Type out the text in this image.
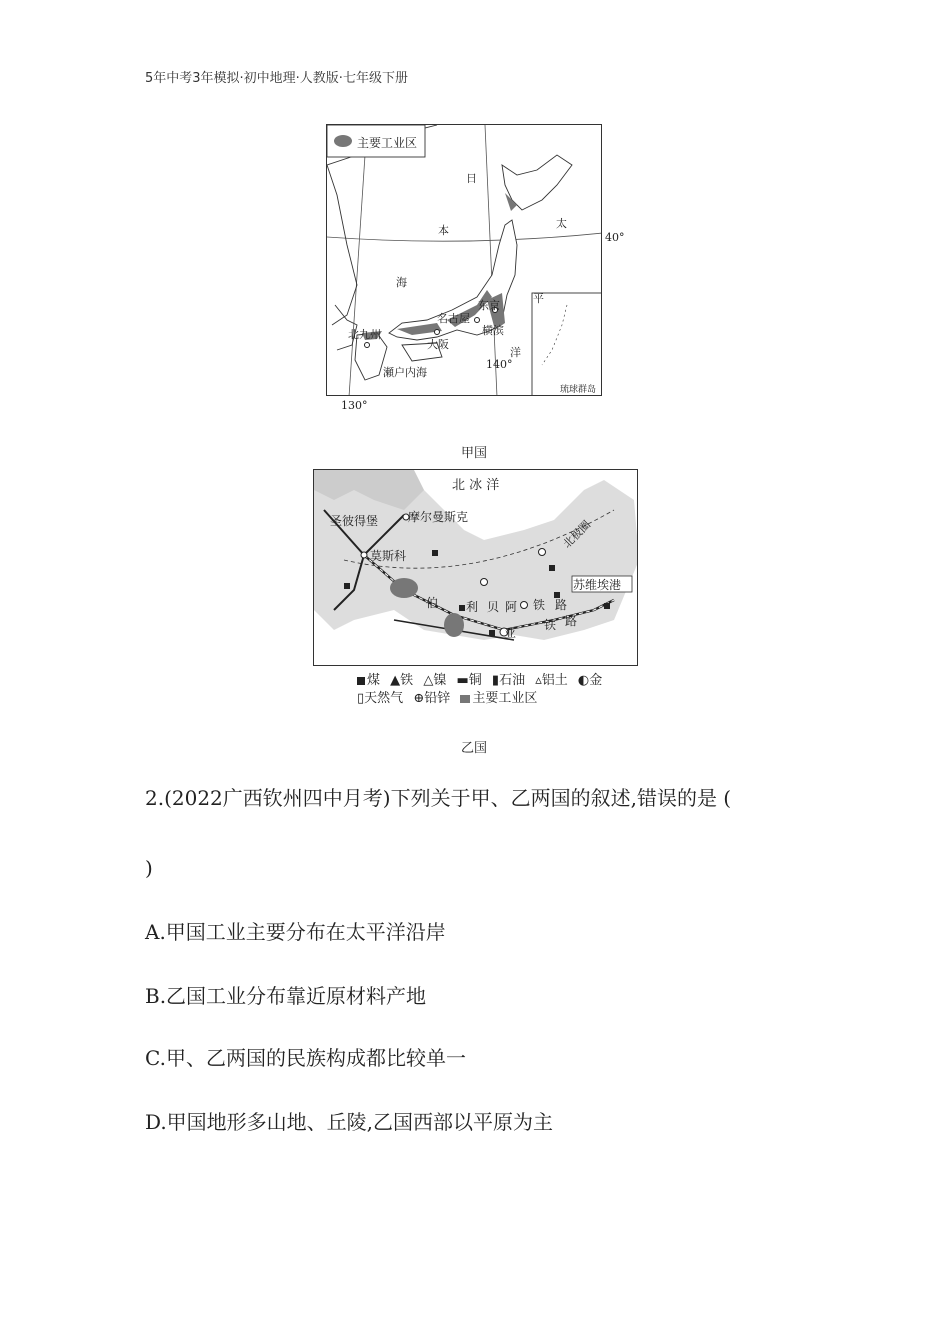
5年中考3年模拟·初中地理·人教版·七年级下册
主要工业区
日
本
海
太
平
洋
瀬户内海
东京
横滨
名古屋
大阪
北九州
琉球群岛
140°
40°
130°
甲国
北 冰 洋
北极圈
圣彼得堡 摩尔曼斯克
莫斯科
苏维埃港
伯 利 贝 阿 铁 路
亚
铁 路
煤 ▲铁 △镍 ▬铜 ▮石油 ▵铝土 ◐金
▯天然气 ⊕铅锌 主要工业区
乙国
2.(2022广西钦州四中月考)下列关于甲、乙两国的叙述,错误的是 (
)
A.甲国工业主要分布在太平洋沿岸
B.乙国工业分布靠近原材料产地
C.甲、乙两国的民族构成都比较单一
D.甲国地形多山地、丘陵,乙国西部以平原为主
